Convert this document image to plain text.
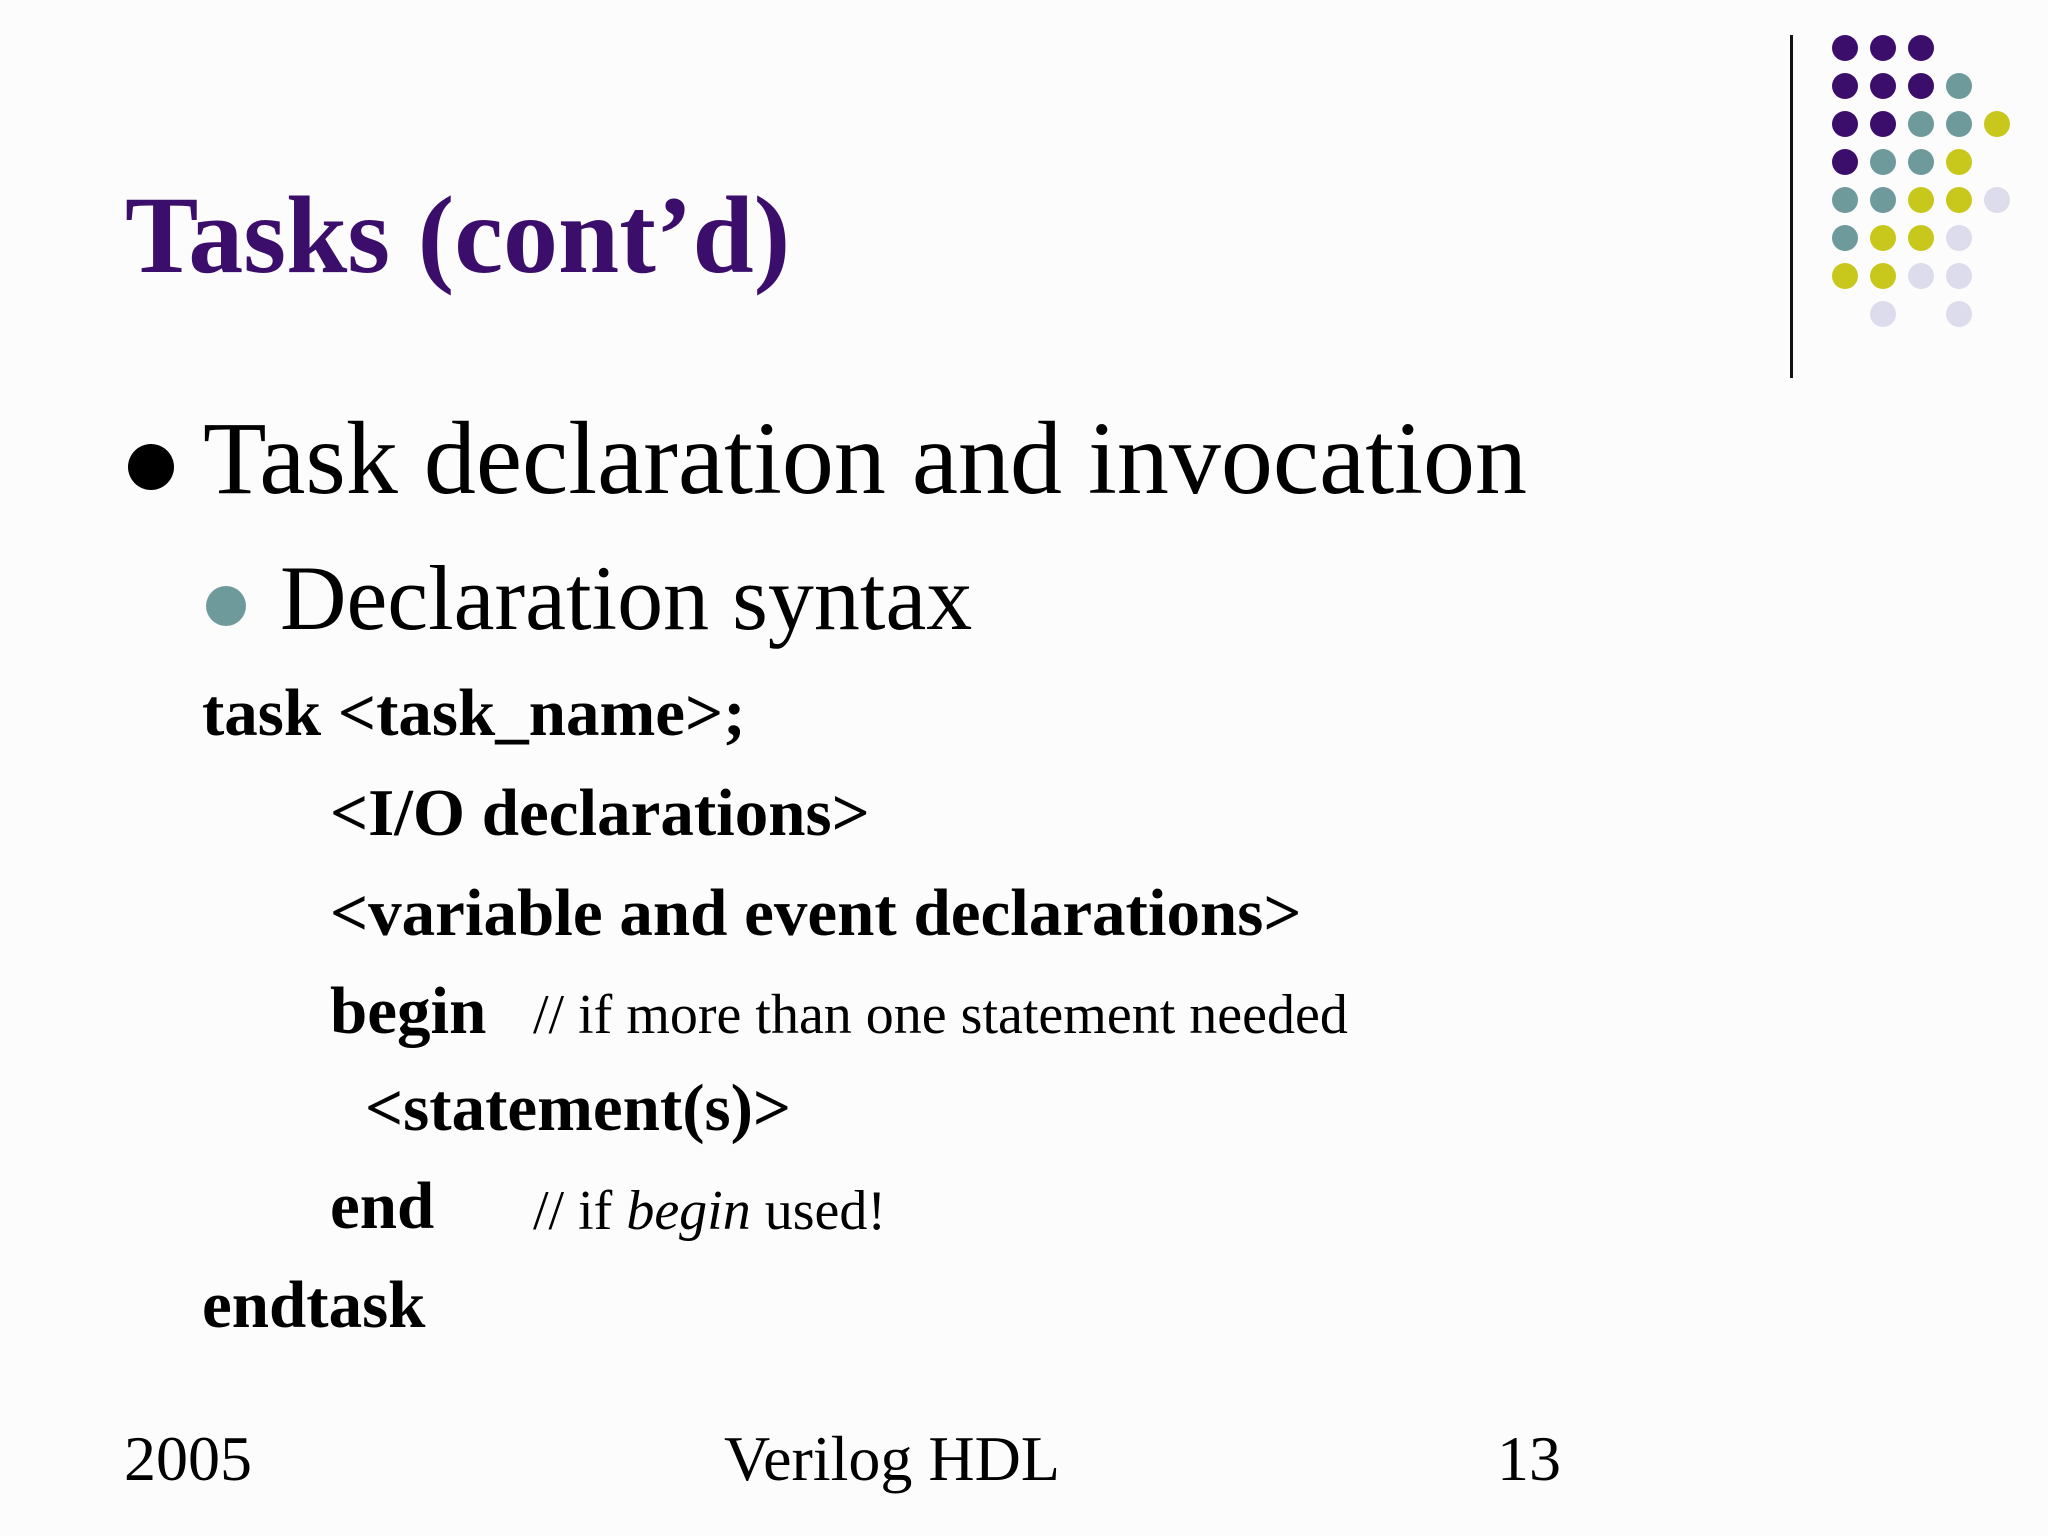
Tasks (cont’d)
Task declaration and invocation
Declaration syntax
task <task_name>;
<I/O declarations>
<variable and event declarations>
begin // if more than one statement needed
<statement(s)>
end // if begin used!
endtask
2005	Verilog HDL	13
